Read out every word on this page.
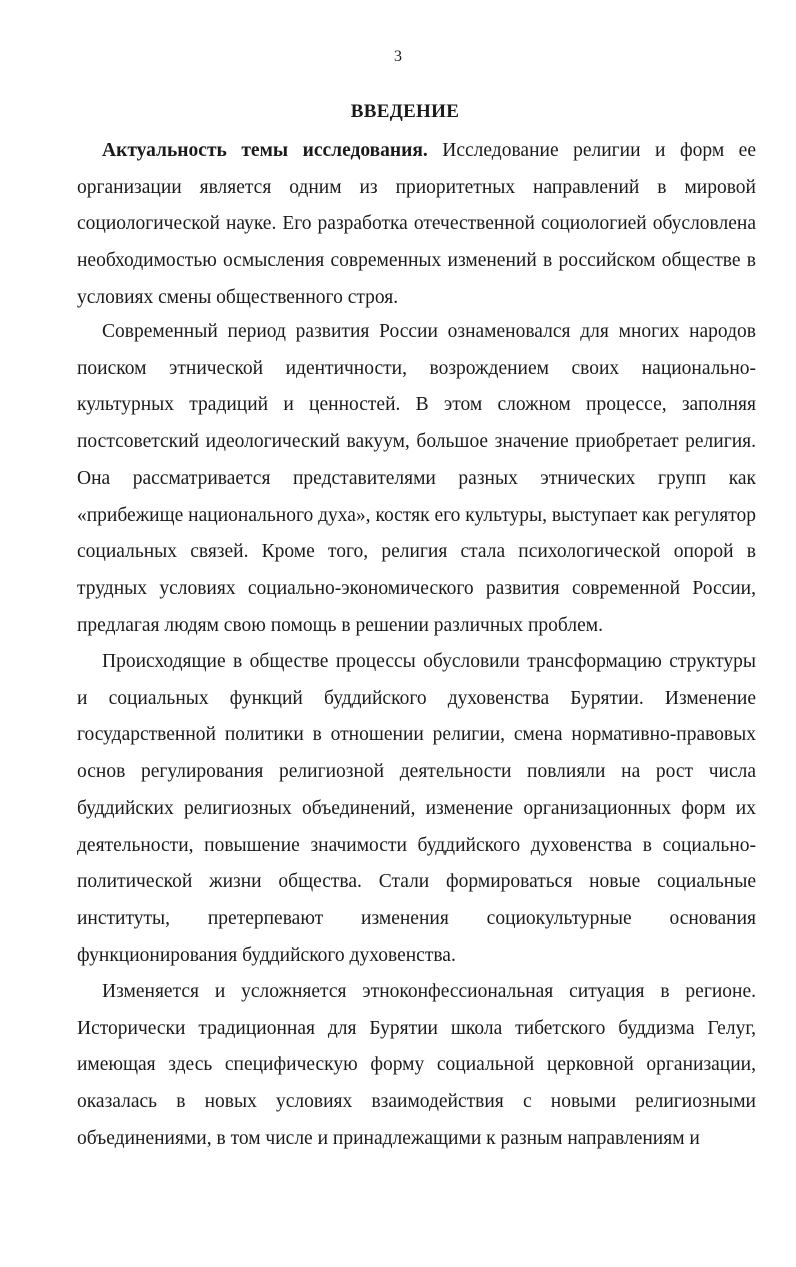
3
ВВЕДЕНИЕ

Актуальность темы исследования. Исследование религии и форм ее организации является одним из приоритетных направлений в мировой социологической науке. Его разработка отечественной социологией обусловлена необходимостью осмысления современных изменений в российском обществе в условиях смены общественного строя.

Современный период развития России ознаменовался для многих народов поиском этнической идентичности, возрождением своих национально-культурных традиций и ценностей. В этом сложном процессе, заполняя постсоветский идеологический вакуум, большое значение приобретает религия. Она рассматривается представителями разных этнических групп как «прибежище национального духа», костяк его культуры, выступает как регулятор социальных связей. Кроме того, религия стала психологической опорой в трудных условиях социально-экономического развития современной России, предлагая людям свою помощь в решении различных проблем.

Происходящие в обществе процессы обусловили трансформацию структуры и социальных функций буддийского духовенства Бурятии. Изменение государственной политики в отношении религии, смена нормативно-правовых основ регулирования религиозной деятельности повлияли на рост числа буддийских религиозных объединений, изменение организационных форм их деятельности, повышение значимости буддийского духовенства в социально-политической жизни общества. Стали формироваться новые социальные институты, претерпевают изменения социокультурные основания функционирования буддийского духовенства.

Изменяется и усложняется этноконфессиональная ситуация в регионе. Исторически традиционная для Бурятии школа тибетского буддизма Гелуг, имеющая здесь специфическую форму социальной церковной организации, оказалась в новых условиях взаимодействия с новыми религиозными объединениями, в том числе и принадлежащими к разным направлениям и
